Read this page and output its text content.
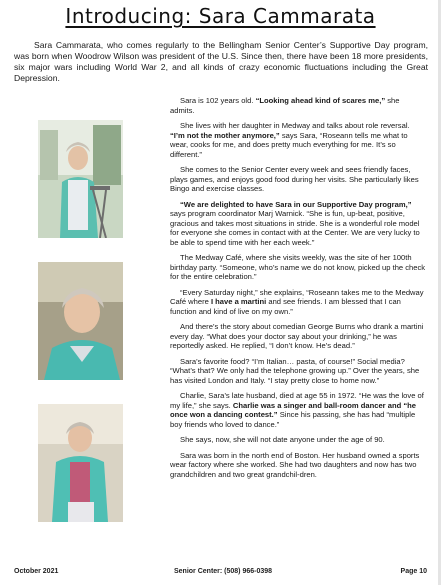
Introducing: Sara Cammarata

Sara Cammarata, who comes regularly to the Bellingham Senior Center’s Supportive Day program, was born when Woodrow Wilson was president of the U.S. Since then, there have been 18 more presidents, six major wars including World War 2, and all kinds of crazy economic fluctuations including the Great Depression.

Sara is 102 years old. “Looking ahead kind of scares me,” she admits.

She lives with her daughter in Medway and talks about role reversal. “I’m not the mother anymore,” says Sara, “Roseann tells me what to wear, cooks for me, and does pretty much everything for me. It’s so different.”

She comes to the Senior Center every week and sees friendly faces, plays games, and enjoys good food during her visits. She particularly likes Bingo and exercise classes.

“We are delighted to have Sara in our Supportive Day program,” says program coordinator Marj Warnick. “She is fun, up-beat, positive, gracious and takes most situations in stride. She is a wonderful role model for everyone she comes in contact with at the Center. We are very lucky to be able to spend time with her each week.”

The Medway Café, where she visits weekly, was the site of her 100th birthday party. “Someone, who’s name we do not know, picked up the check for the entire celebration.”

“Every Saturday night,” she explains, “Roseann takes me to the Medway Café where I have a martini and see friends. I am blessed that I can function and kind of live on my own.”

And there’s the story about comedian George Burns who drank a martini every day. “What does your doctor say about your drinking,” he was reportedly asked. He replied, “I don’t know. He’s dead.”

Sara’s favorite food? “I’m Italian… pasta, of course!” Social media? “What’s that? We only had the telephone growing up.” Over the years, she has visited London and Italy. “I stay pretty close to home now.”

Charlie, Sara’s late husband, died at age 55 in 1972. “He was the love of my life,” she says. Charlie was a singer and ball-room dancer and “he once won a dancing contest.” Since his passing, she has had “multiple boy friends who loved to dance.”

She says, now, she will not date anyone under the age of 90.

Sara was born in the north end of Boston. Her husband owned a sports wear factory where she worked. She had two daughters and now has two grandchildren and two great grandchil-dren.

October 2021	Senior Center: (508) 966-0398	Page 10
